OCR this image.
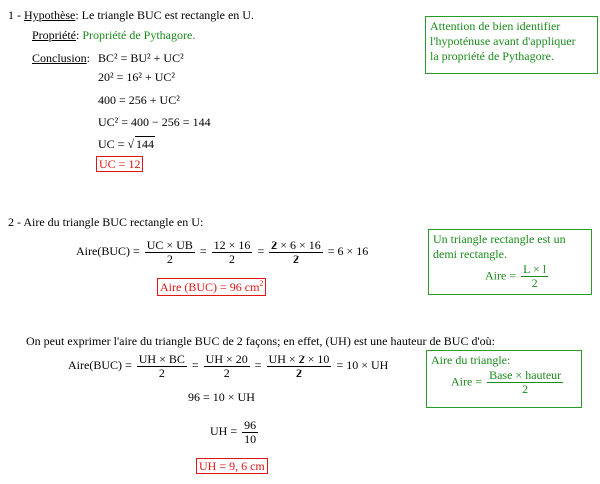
1 - Hypothèse: Le triangle BUC est rectangle en U.
Propriété: Propriété de Pythagore.
Conclusion: BC² = BU² + UC²
20² = 16² + UC²
400 = 256 + UC²
UC² = 400 − 256 = 144
UC = √ 144
UC = 12
Attention de bien identifier
l'hypoténuse avant d'appliquer
la propriété de Pythagore.
2 - Aire du triangle BUC rectangle en U:
Aire(BUC) = $\frac{UC \times UB}{2} = \frac{12 \times 16}{2} = \frac{2 \times 6 \times 16}{2} = 6 \times 16$
Aire (BUC) = 96 $cm^2$
Un triangle rectangle est un
demi rectangle.
Aire = $\frac{L \times l}{2}$
On peut exprimer l'aire du triangle BUC de 2 façons; en effet, (UH) est une hauteur de BUC d'où:
Aire(BUC) = $\frac{UH \times BC}{2} = \frac{UH \times 20}{2} = \frac{UH \times 2 \times 10}{2} = 10$ × UH
96 = 10 × UH
UH = $\frac{96}{10}$
UH = 9, 6 cm
Aire du triangle:
Aire = $\frac{\text{Base × hauteur}}{2}$
